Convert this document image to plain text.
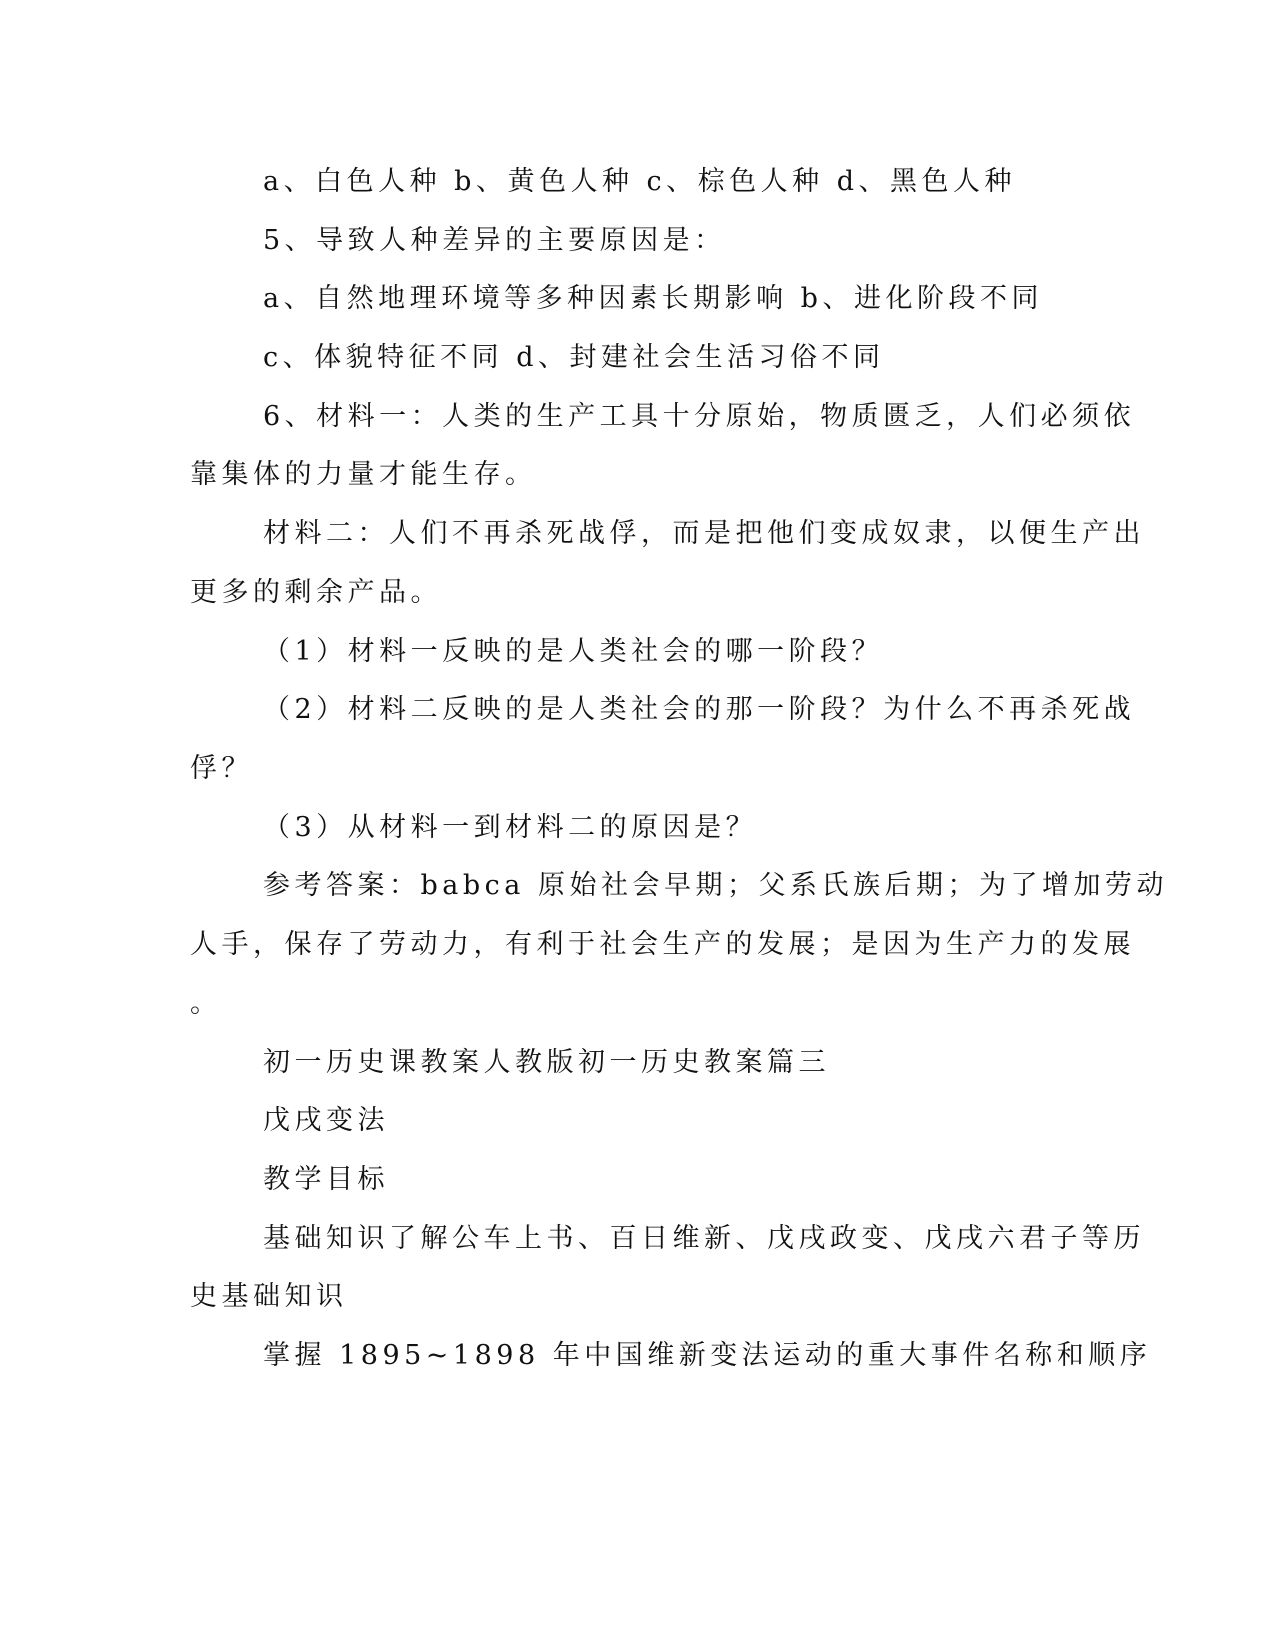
a、白色人种 b、黄色人种 c、棕色人种 d、黑色人种
5、导致人种差异的主要原因是：
a、自然地理环境等多种因素长期影响 b、进化阶段不同
c、体貌特征不同 d、封建社会生活习俗不同
6、材料一：人类的生产工具十分原始，物质匮乏，人们必须依
靠集体的力量才能生存。
材料二：人们不再杀死战俘，而是把他们变成奴隶，以便生产出
更多的剩余产品。
（1）材料一反映的是人类社会的哪一阶段？
（2）材料二反映的是人类社会的那一阶段？为什么不再杀死战
俘？
（3）从材料一到材料二的原因是？
参考答案：babca 原始社会早期；父系氏族后期；为了增加劳动
人手，保存了劳动力，有利于社会生产的发展；是因为生产力的发展
。
初一历史课教案人教版初一历史教案篇三
戊戌变法
教学目标
基础知识了解公车上书、百日维新、戊戌政变、戊戌六君子等历
史基础知识
掌握 1895~1898 年中国维新变法运动的重大事件名称和顺序
